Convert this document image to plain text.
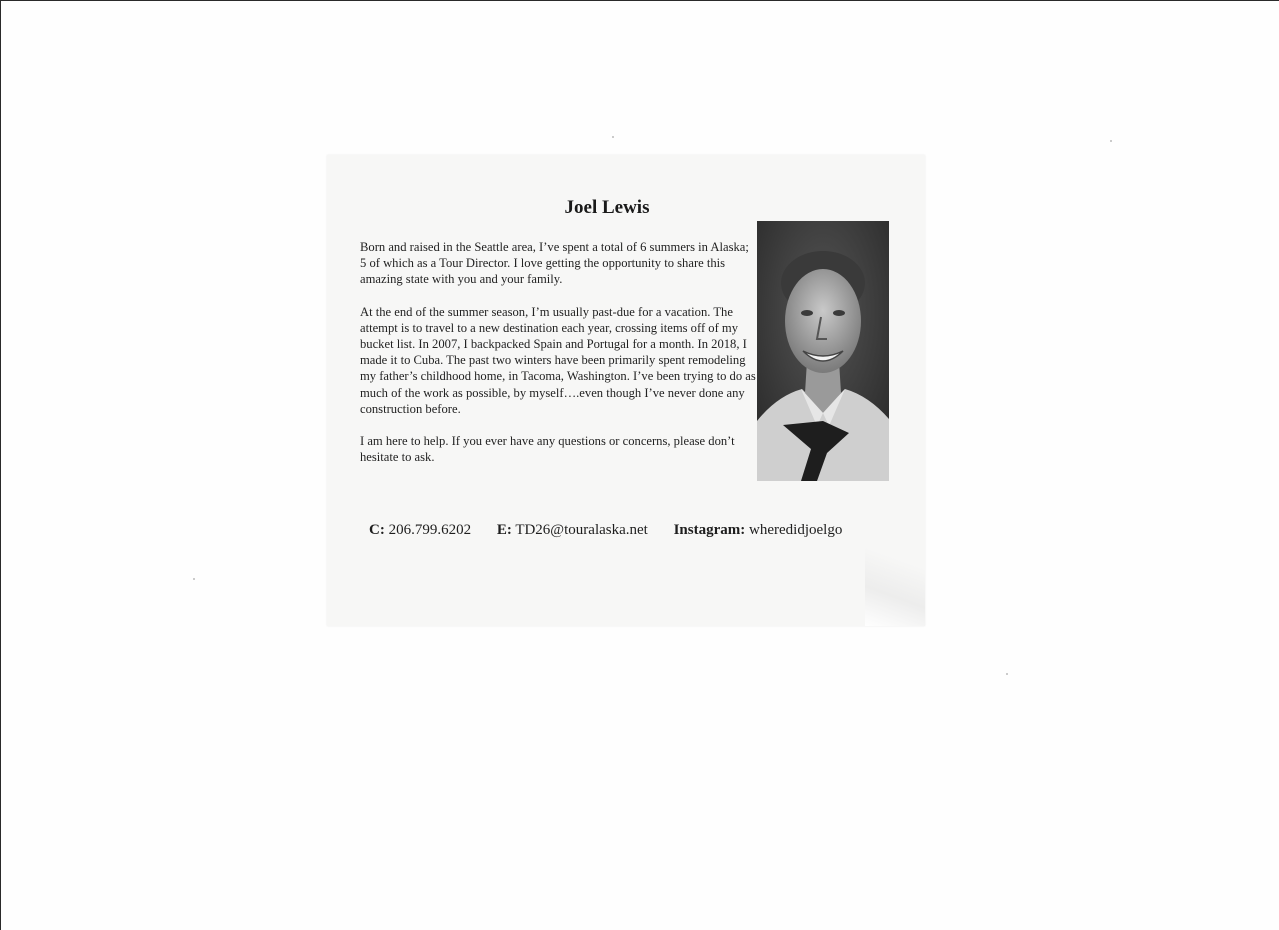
Joel Lewis

Born and raised in the Seattle area, I’ve spent a total of 6 summers in Alaska; 5 of which as a Tour Director. I love getting the opportunity to share this amazing state with you and your family.

At the end of the summer season, I’m usually past-due for a vacation. The attempt is to travel to a new destination each year, crossing items off of my bucket list. In 2007, I backpacked Spain and Portugal for a month. In 2018, I made it to Cuba. The past two winters have been primarily spent remodeling my father’s childhood home, in Tacoma, Washington. I’ve been trying to do as much of the work as possible, by myself….even though I’ve never done any construction before.

I am here to help. If you ever have any questions or concerns, please don’t hesitate to ask.

C: 206.799.6202 E: TD26@touralaska.net Instagram: wheredidjoelgo
